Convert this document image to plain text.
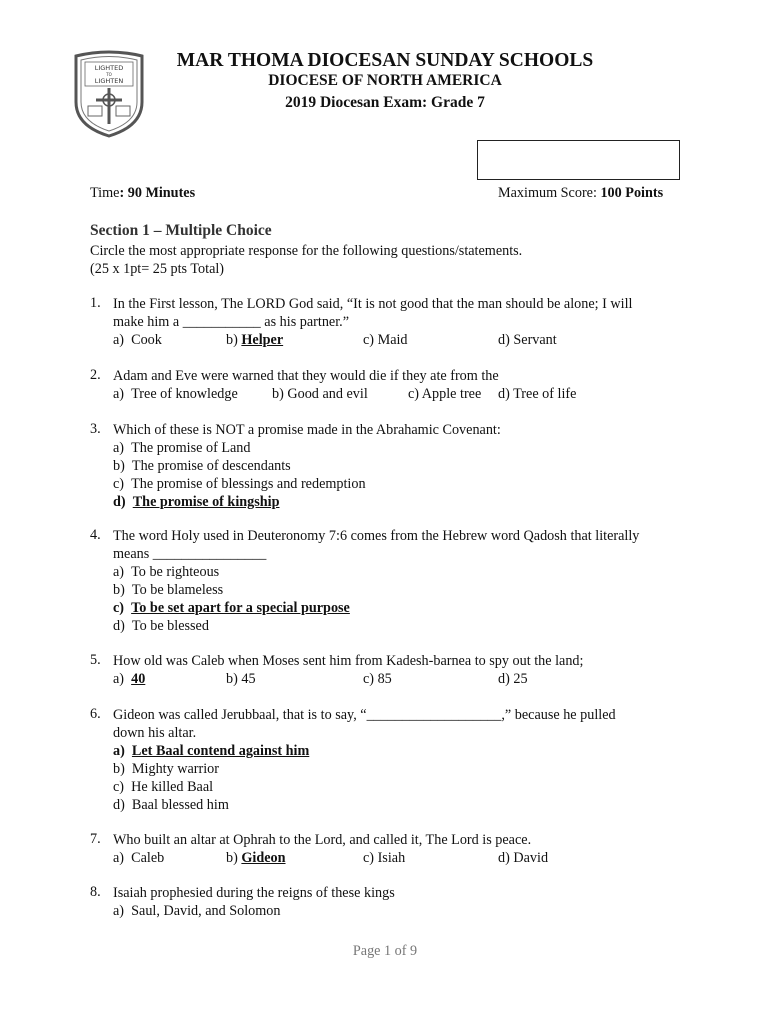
LIGHTED
TO
LIGHTEN
MAR THOMA DIOCESAN SUNDAY SCHOOLS
DIOCESE OF NORTH AMERICA
2019 Diocesan Exam: Grade 7
Time: 90 Minutes	Maximum Score: 100 Points
Section 1 – Multiple Choice
Circle the most appropriate response for the following questions/statements.
(25 x 1pt= 25 pts Total)
1. In the First lesson, The LORD God said, “It is not good that the man should be alone; I will
make him a ___________ as his partner.”
a) Cook	b) Helper	c) Maid	d) Servant
2. Adam and Eve were warned that they would die if they ate from the
a) Tree of knowledge b) Good and evil	c) Apple tree d) Tree of life
3. Which of these is NOT a promise made in the Abrahamic Covenant:
a) The promise of Land
b) The promise of descendants
c) The promise of blessings and redemption
d) The promise of kingship
4. The word Holy used in Deuteronomy 7:6 comes from the Hebrew word Qadosh that literally
means ________________
a) To be righteous
b) To be blameless
c) To be set apart for a special purpose
d) To be blessed
5. How old was Caleb when Moses sent him from Kadesh-barnea to spy out the land;
a) 40	b) 45	c) 85	d) 25
6. Gideon was called Jerubbaal, that is to say, “___________________,” because he pulled
down his altar.
a) Let Baal contend against him
b) Mighty warrior
c) He killed Baal
d) Baal blessed him
7. Who built an altar at Ophrah to the Lord, and called it, The Lord is peace.
a) Caleb	b) Gideon	c) Isiah	d) David
8. Isaiah prophesied during the reigns of these kings
a) Saul, David, and Solomon
Page 1 of 9
